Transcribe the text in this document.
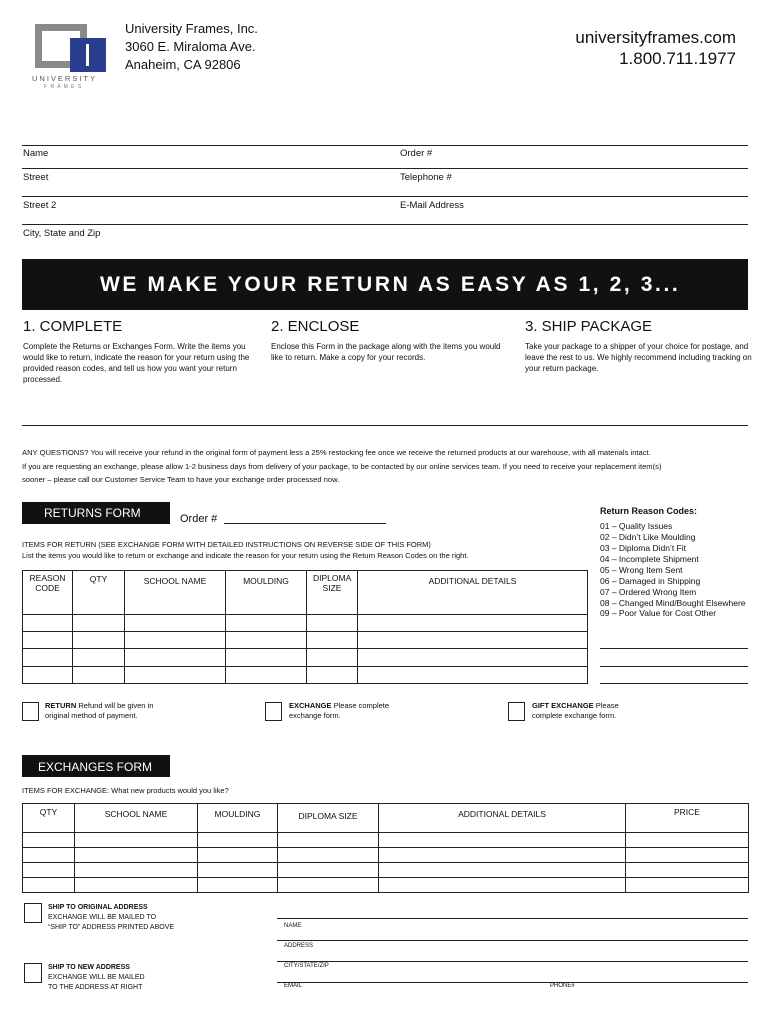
UNIVERSITY
F R A M E S
University Frames, Inc.
3060 E. Miraloma Ave.
Anaheim, CA 92806
universityframes.com
1.800.711.1977
Name	Order #
Street	Telephone #
Street 2	E-Mail Address
City, State and Zip
WE MAKE YOUR RETURN AS EASY AS 1, 2, 3...
1. COMPLETE
Complete the Returns or Exchanges Form. Write the items you would like to return, indicate the reason for your return using the provided reason codes, and tell us how you want your return processed.
2. ENCLOSE
Enclose this Form in the package along with the items you would like to return. Make a copy for your records.
3. SHIP PACKAGE
Take your package to a shipper of your choice for postage, and leave the rest to us. We highly recommend including tracking on your return package.
ANY QUESTIONS? You will receive your refund in the original form of payment less a 25% restocking fee once we receive the returned products at our warehouse, with all materials intact.
If you are requesting an exchange, please allow 1-2 business days from delivery of your package, to be contacted by our online services team. If you need to receive your replacement item(s)
sooner – please call our Customer Service Team to have your exchange order processed now.
RETURNS FORM	Order #
ITEMS FOR RETURN (SEE EXCHANGE FORM WITH DETAILED INSTRUCTIONS ON REVERSE SIDE OF THIS FORM)
List the items you would like to return or exchange and indicate the reason for your return using the Return Reason Codes on the right.
REASON CODE	QTY	SCHOOL NAME	MOULDING	DIPLOMA SIZE	ADDITIONAL DETAILS

Return Reason Codes:
01 – Quality Issues
02 – Didn’t Like Moulding
03 – Diploma Didn’t Fit
04 – Incomplete Shipment
05 – Wrong Item Sent
06 – Damaged in Shipping
07 – Ordered Wrong Item
08 – Changed Mind/Bought Elsewhere
09 – Poor Value for Cost Other
RETURN Refund will be given in original method of payment.
EXCHANGE Please complete exchange form.
GIFT EXCHANGE Please complete exchange form.
EXCHANGES FORM
ITEMS FOR EXCHANGE: What new products would you like?
QTY	SCHOOL NAME	MOULDING	DIPLOMA SIZE	ADDITIONAL DETAILS	PRICE

SHIP TO ORIGINAL ADDRESS
EXCHANGE WILL BE MAILED TO
“SHIP TO” ADDRESS PRINTED ABOVE
SHIP TO NEW ADDRESS
EXCHANGE WILL BE MAILED
TO THE ADDRESS AT RIGHT
NAME
ADDRESS
CITY/STATE/ZIP
EMAIL	PHONE#
